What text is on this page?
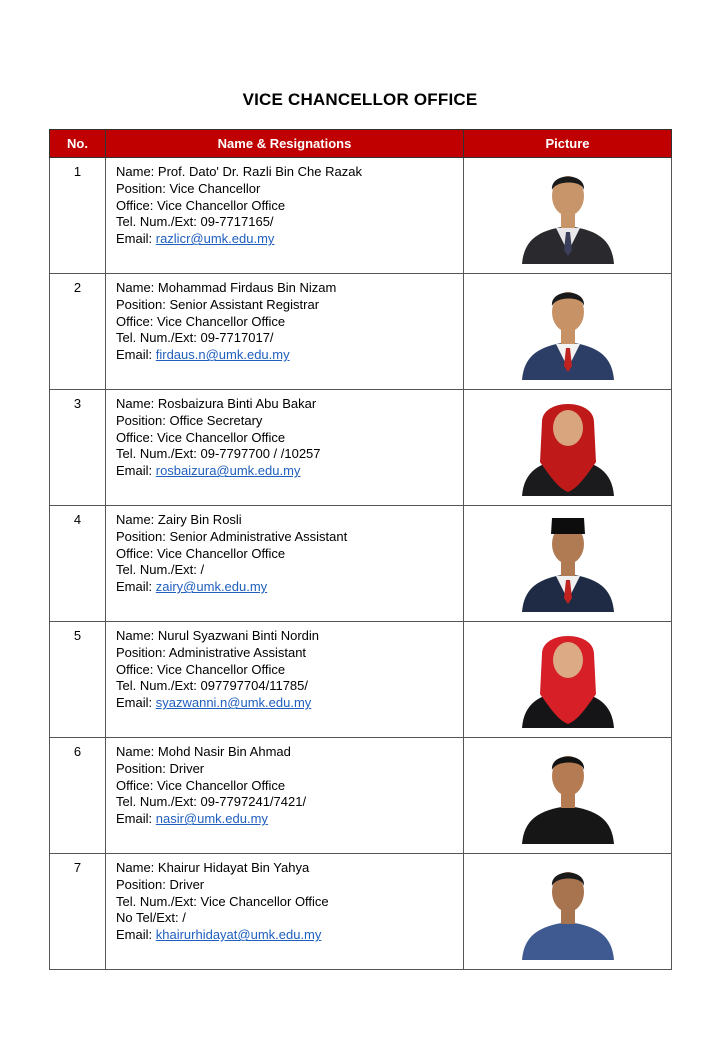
VICE CHANCELLOR OFFICE
No.	Name & Resignations	Picture
1	Name: Prof. Dato' Dr. Razli Bin Che Razak
Position: Vice Chancellor
Office: Vice Chancellor Office
Tel. Num./Ext: 09-7717165/
Email: razlicr@umk.edu.my

2	Name: Mohammad Firdaus Bin Nizam
Position: Senior Assistant Registrar
Office: Vice Chancellor Office
Tel. Num./Ext: 09-7717017/
Email: firdaus.n@umk.edu.my

3	Name: Rosbaizura Binti Abu Bakar
Position: Office Secretary
Office: Vice Chancellor Office
Tel. Num./Ext: 09-7797700 / /10257
Email: rosbaizura@umk.edu.my

4	Name: Zairy Bin Rosli
Position: Senior Administrative Assistant
Office: Vice Chancellor Office
Tel. Num./Ext: /
Email: zairy@umk.edu.my

5	Name: Nurul Syazwani Binti Nordin
Position: Administrative Assistant
Office: Vice Chancellor Office
Tel. Num./Ext: 097797704/11785/
Email: syazwanni.n@umk.edu.my

6	Name: Mohd Nasir Bin Ahmad
Position: Driver
Office: Vice Chancellor Office
Tel. Num./Ext: 09-7797241/7421/
Email: nasir@umk.edu.my

7	Name: Khairur Hidayat Bin Yahya
Position: Driver
Tel. Num./Ext: Vice Chancellor Office
No Tel/Ext: /
Email: khairurhidayat@umk.edu.my
